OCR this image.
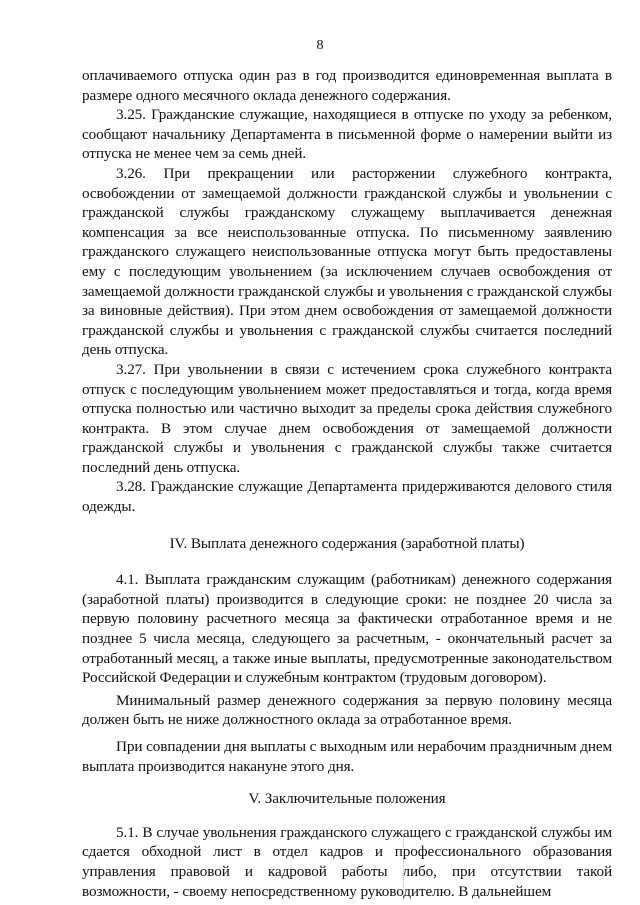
8

оплачиваемого отпуска один раз в год производится единовременная выплата в размере одного месячного оклада денежного содержания.

3.25. Гражданские служащие, находящиеся в отпуске по уходу за ребенком, сообщают начальнику Департамента в письменной форме о намерении выйти из отпуска не менее чем за семь дней.

3.26. При прекращении или расторжении служебного контракта, освобождении от замещаемой должности гражданской службы и увольнении с гражданской службы гражданскому служащему выплачивается денежная компенсация за все неиспользованные отпуска. По письменному заявлению гражданского служащего неиспользованные отпуска могут быть предоставлены ему с последующим увольнением (за исключением случаев освобождения от замещаемой должности гражданской службы и увольнения с гражданской службы за виновные действия). При этом днем освобождения от замещаемой должности гражданской службы и увольнения с гражданской службы считается последний день отпуска.

3.27. При увольнении в связи с истечением срока служебного контракта отпуск с последующим увольнением может предоставляться и тогда, когда время отпуска полностью или частично выходит за пределы срока действия служебного контракта. В этом случае днем освобождения от замещаемой должности гражданской службы и увольнения с гражданской службы также считается последний день отпуска.

3.28. Гражданские служащие Департамента придерживаются делового стиля одежды.

IV. Выплата денежного содержания (заработной платы)

4.1. Выплата гражданским служащим (работникам) денежного содержания (заработной платы) производится в следующие сроки: не позднее 20 числа за первую половину расчетного месяца за фактически отработанное время и не позднее 5 числа месяца, следующего за расчетным, - окончательный расчет за отработанный месяц, а также иные выплаты, предусмотренные законодательством Российской Федерации и служебным контрактом (трудовым договором).

Минимальный размер денежного содержания за первую половину месяца должен быть не ниже должностного оклада за отработанное время.

При совпадении дня выплаты с выходным или нерабочим праздничным днем выплата производится накануне этого дня.

V. Заключительные положения

5.1. В случае увольнения гражданского служащего с гражданской службы им сдается обходной лист в отдел кадров и профессионального образования управления правовой и кадровой работы либо, при отсутствии такой возможности, - своему непосредственному руководителю. В дальнейшем
